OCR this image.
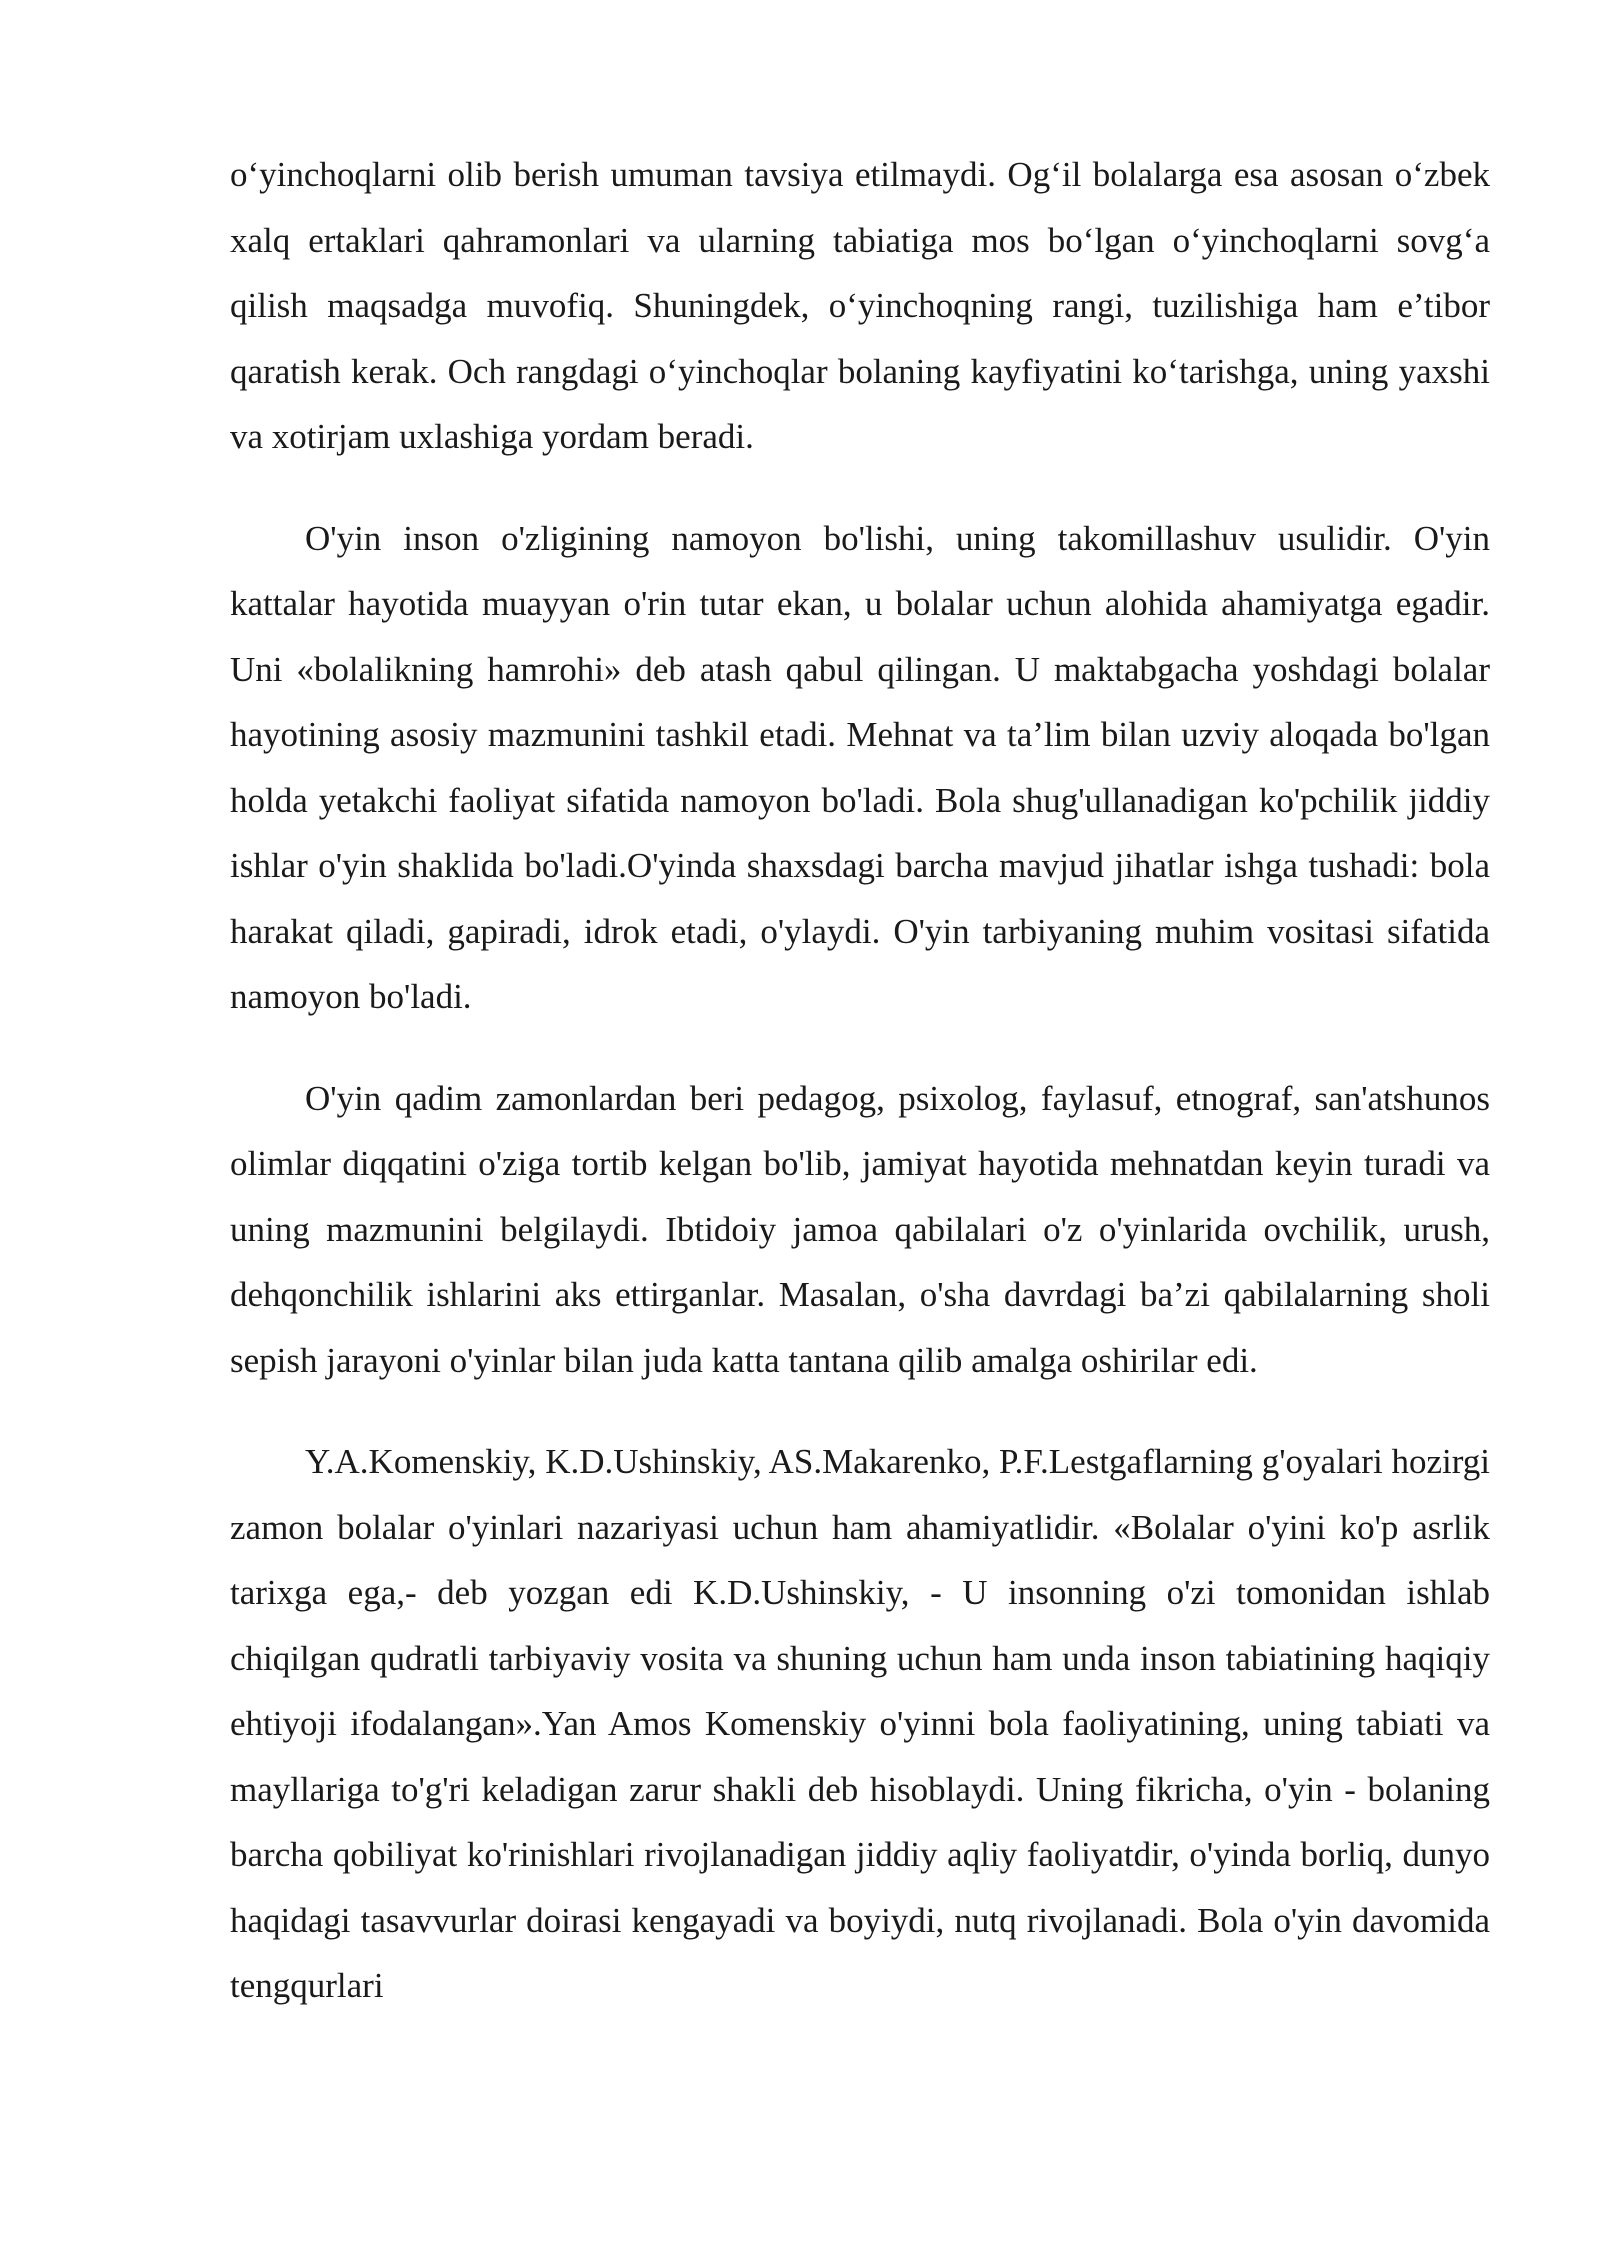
o‘yinchoqlarni olib berish umuman tavsiya etilmaydi. Og‘il bolalarga esa asosan o‘zbek xalq ertaklari qahramonlari va ularning tabiatiga mos bo‘lgan o‘yinchoqlarni sovg‘a qilish maqsadga muvofiq. Shuningdek, o‘yinchoqning rangi, tuzilishiga ham e’tibor qaratish kerak. Och rangdagi o‘yinchoqlar bolaning kayfiyatini ko‘tarishga, uning yaxshi va xotirjam uxlashiga yordam beradi.

O'yin inson o'zligining namoyon bo'lishi, uning takomillashuv usulidir. O'yin kattalar hayotida muayyan o'rin tutar ekan, u bolalar uchun alohida ahamiyatga egadir. Uni «bolalikning hamrohi» deb atash qabul qilingan. U maktabgacha yoshdagi bolalar hayotining asosiy mazmunini tashkil etadi. Mehnat va ta’lim bilan uzviy aloqada bo'lgan holda yetakchi faoliyat sifatida namoyon bo'ladi. Bola shug'ullanadigan ko'pchilik jiddiy ishlar o'yin shaklida bo'ladi.O'yinda shaxsdagi barcha mavjud jihatlar ishga tushadi: bola harakat qiladi, gapiradi, idrok etadi, o'ylaydi. O'yin tarbiyaning muhim vositasi sifatida namoyon bo'ladi.

O'yin qadim zamonlardan beri pedagog, psixolog, faylasuf, etnograf, san'atshunos olimlar diqqatini o'ziga tortib kelgan bo'lib, jamiyat hayotida mehnatdan keyin turadi va uning mazmunini belgilaydi. Ibtidoiy jamoa qabilalari o'z o'yinlarida ovchilik, urush, dehqonchilik ishlarini aks ettirganlar. Masalan, o'sha davrdagi ba’zi qabilalarning sholi sepish jarayoni o'yinlar bilan juda katta tantana qilib amalga oshirilar edi.

Y.A.Komenskiy, K.D.Ushinskiy, AS.Makarenko, P.F.Lestgaflarning g'oyalari hozirgi zamon bolalar o'yinlari nazariyasi uchun ham ahamiyatlidir. «Bolalar o'yini ko'p asrlik tarixga ega,- deb yozgan edi K.D.Ushinskiy, - U insonning o'zi tomonidan ishlab chiqilgan qudratli tarbiyaviy vosita va shuning uchun ham unda inson tabiatining haqiqiy ehtiyoji ifodalangan».Yan Amos Komenskiy o'yinni bola faoliyatining, uning tabiati va mayllariga to'g'ri keladigan zarur shakli deb hisoblaydi. Uning fikricha, o'yin - bolaning barcha qobiliyat ko'rinishlari rivojlanadigan jiddiy aqliy faoliyatdir, o'yinda borliq, dunyo haqidagi tasavvurlar doirasi kengayadi va boyiydi, nutq rivojlanadi. Bola o'yin davomida tengqurlari
